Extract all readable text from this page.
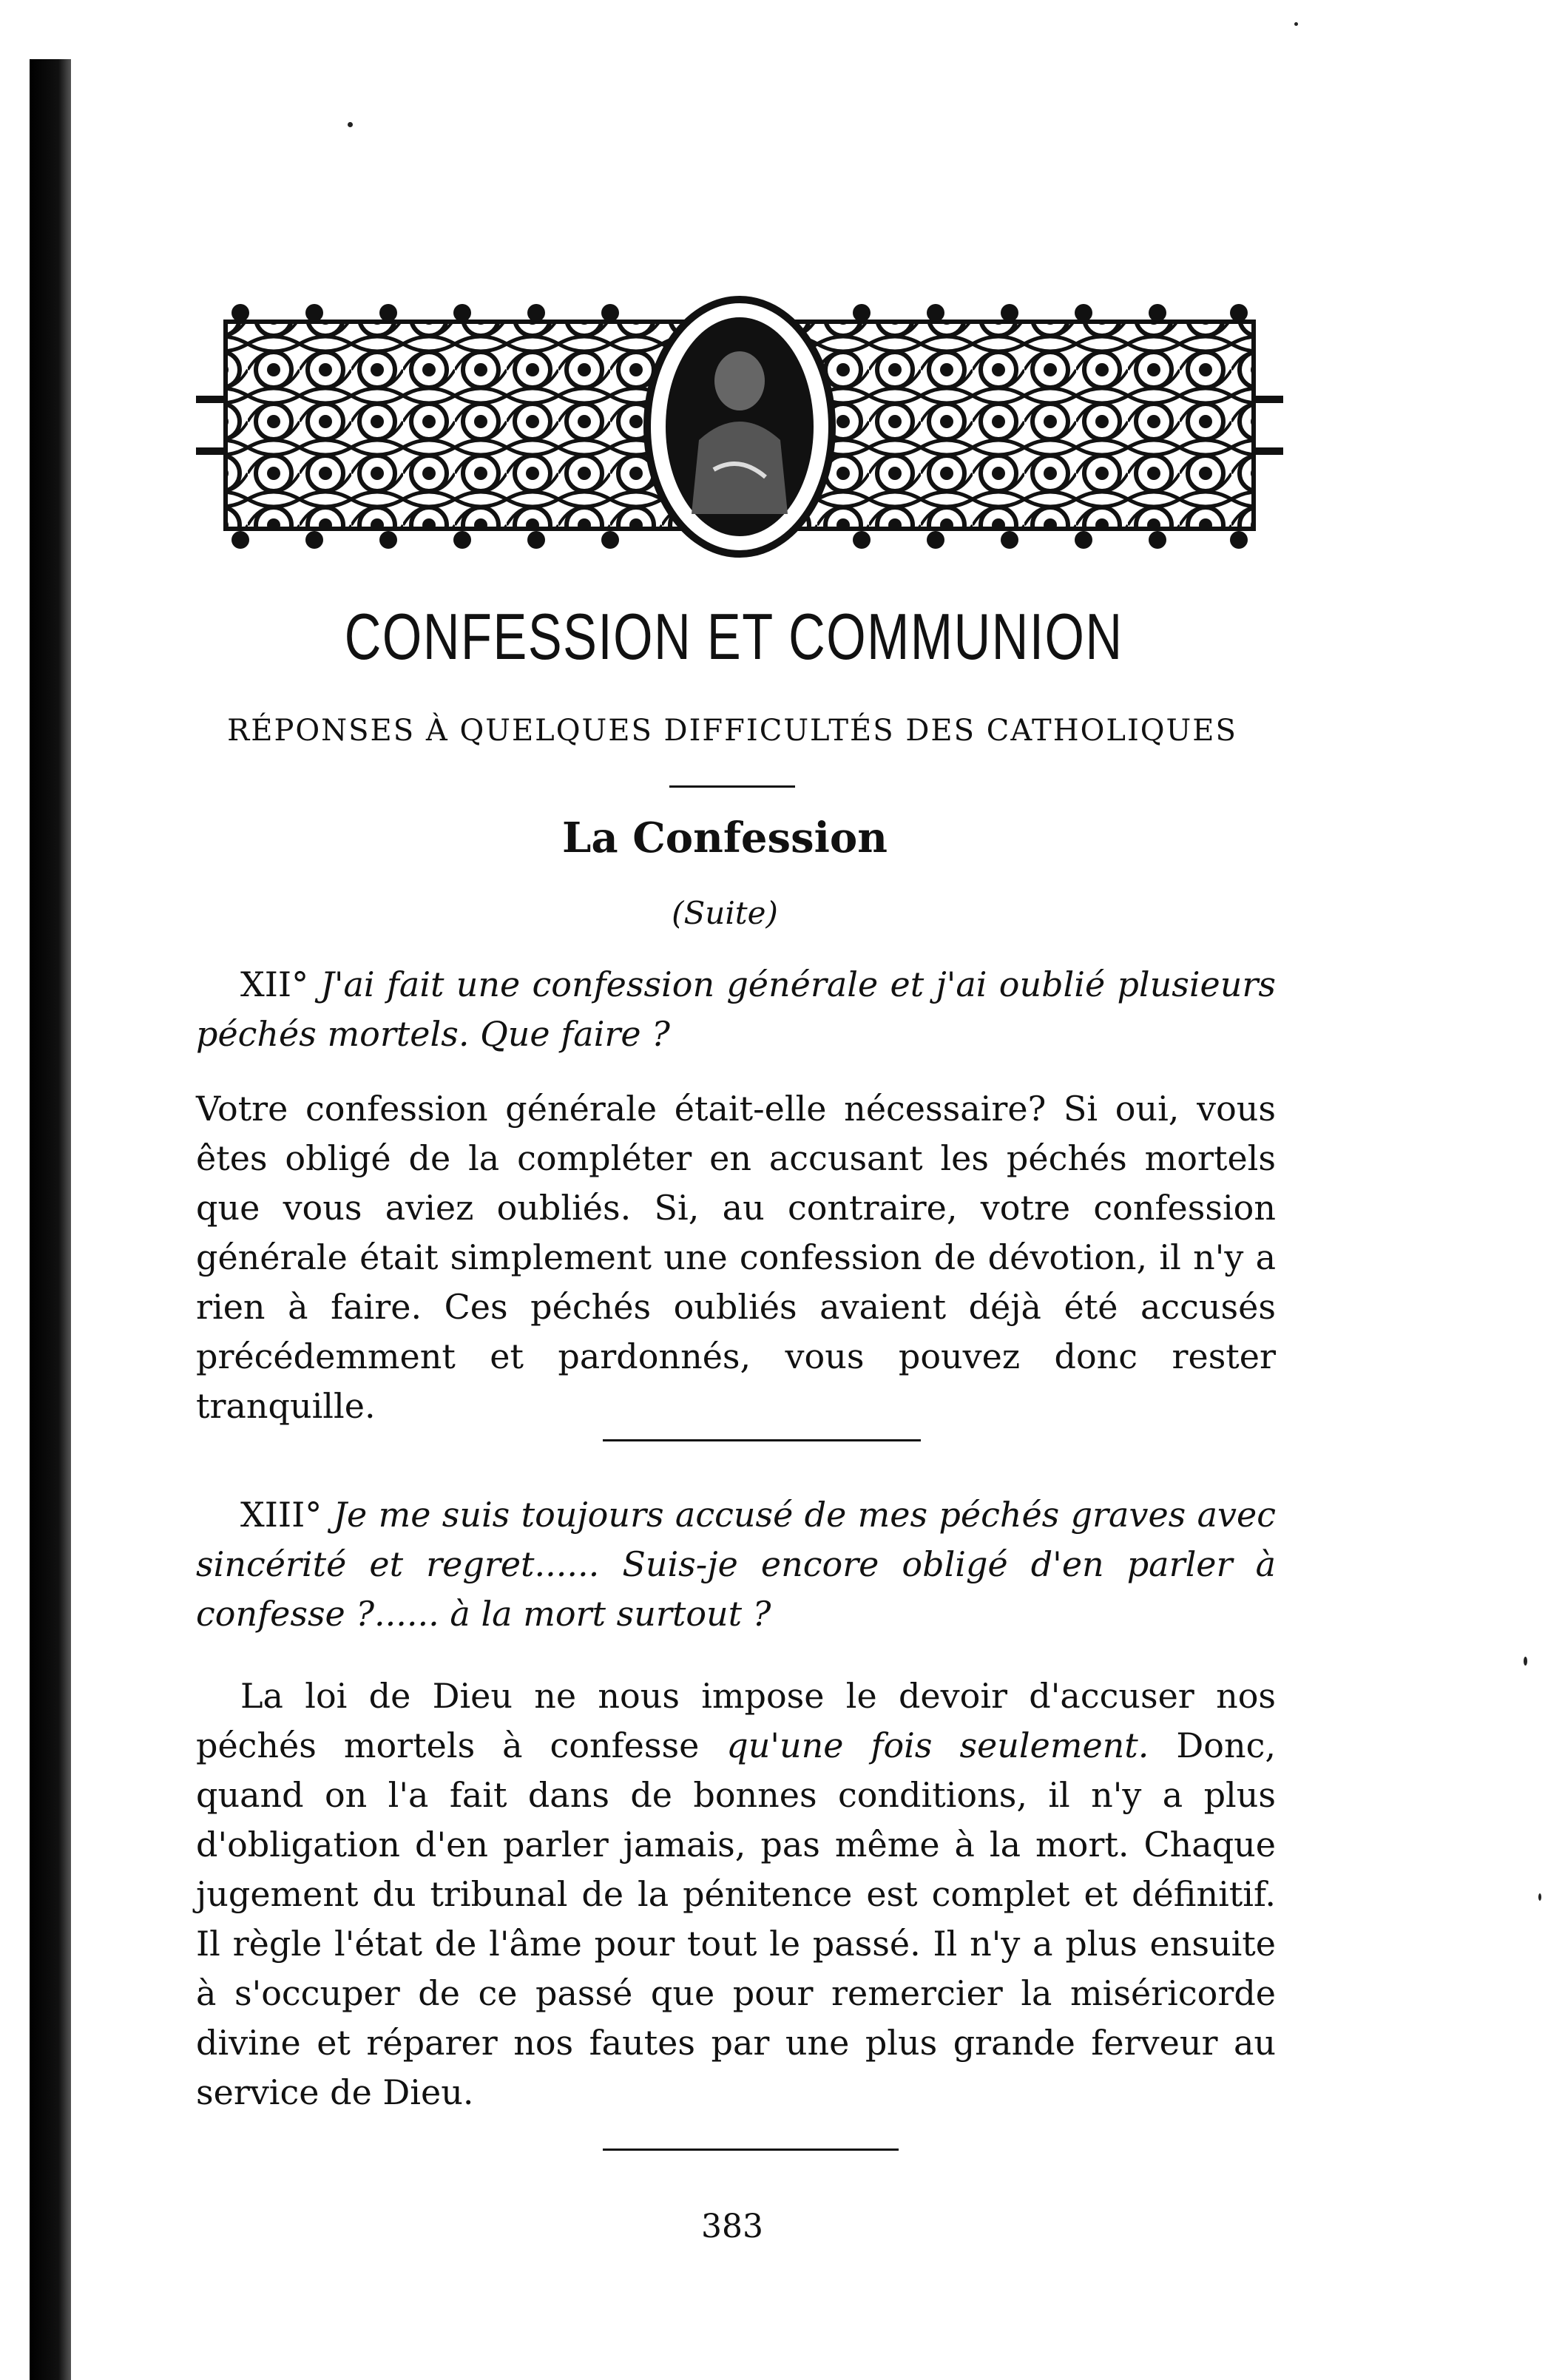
CONFESSION ET COMMUNION
RÉPONSES À QUELQUES DIFFICULTÉS DES CATHOLIQUES
La Confession
(Suite)
XII° J'ai fait une confession générale et j'ai oublié plusieurs péchés mortels. Que faire ?
Votre confession générale était-elle nécessaire? Si oui, vous êtes obligé de la compléter en accusant les péchés mortels que vous aviez oubliés. Si, au contraire, votre confession générale était simplement une confession de dévotion, il n'y a rien à faire. Ces péchés oubliés avaient déjà été accusés précédemment et pardonnés, vous pouvez donc rester tranquille.
XIII° Je me suis toujours accusé de mes péchés graves avec sincérité et regret...... Suis-je encore obligé d'en parler à confesse ?...... à la mort surtout ?
La loi de Dieu ne nous impose le devoir d'accuser nos péchés mortels à confesse qu'une fois seulement. Donc, quand on l'a fait dans de bonnes conditions, il n'y a plus d'obligation d'en parler jamais, pas même à la mort. Chaque jugement du tribunal de la pénitence est complet et définitif. Il règle l'état de l'âme pour tout le passé. Il n'y a plus ensuite à s'occuper de ce passé que pour remercier la miséricorde divine et réparer nos fautes par une plus grande ferveur au service de Dieu.
383
